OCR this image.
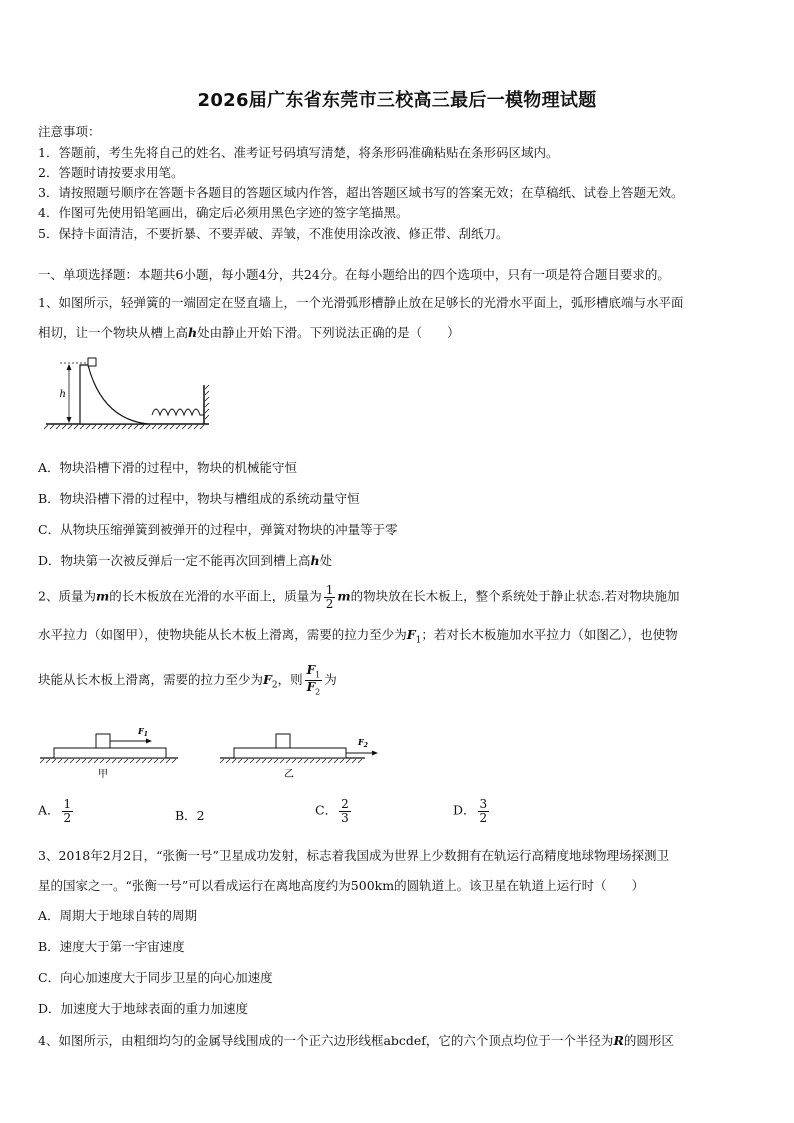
2026届广东省东莞市三校高三最后一模物理试题
注意事项：
1．答题前，考生先将自己的姓名、准考证号码填写清楚，将条形码准确粘贴在条形码区域内。
2．答题时请按要求用笔。
3．请按照题号顺序在答题卡各题目的答题区域内作答，超出答题区域书写的答案无效；在草稿纸、试卷上答题无效。
4．作图可先使用铅笔画出，确定后必须用黑色字迹的签字笔描黑。
5．保持卡面清洁，不要折暴、不要弄破、弄皱，不准使用涂改液、修正带、刮纸刀。
一、单项选择题：本题共6小题，每小题4分，共24分。在每小题给出的四个选项中，只有一项是符合题目要求的。
1、如图所示，轻弹簧的一端固定在竖直墙上，一个光滑弧形槽静止放在足够长的光滑水平面上，弧形槽底端与水平面
相切，让一个物块从槽上高h处由静止开始下滑。下列说法正确的是（　　）
h
A．物块沿槽下滑的过程中，物块的机械能守恒
B．物块沿槽下滑的过程中，物块与槽组成的系统动量守恒
C．从物块压缩弹簧到被弹开的过程中，弹簧对物块的冲量等于零
D．物块第一次被反弹后一定不能再次回到槽上高h处
2、质量为m的长木板放在光滑的水平面上，质量为 $\frac{1}{2}$ m的物块放在长木板上，整个系统处于静止状态.若对物块施加
水平拉力（如图甲），使物块能从长木板上滑离，需要的拉力至少为$F_1$；若对长木板施加水平拉力（如图乙），也使物
块能从长木板上滑离，需要的拉力至少为$F_2$，则 $\frac{F_1}{F_2}$ 为
$F_1$
甲
$F_2$
乙
A． $\frac{1}{2}$	B．2	C． $\frac{2}{3}$	D． $\frac{3}{2}$
3、2018年2月2日，“张衡一号”卫星成功发射，标志着我国成为世界上少数拥有在轨运行高精度地球物理场探测卫
星的国家之一。“张衡一号”可以看成运行在离地高度约为500km的圆轨道上。该卫星在轨道上运行时（　　）
A．周期大于地球自转的周期
B．速度大于第一宇宙速度
C．向心加速度大于同步卫星的向心加速度
D．加速度大于地球表面的重力加速度
4、如图所示，由粗细均匀的金属导线围成的一个正六边形线框abcdef，它的六个顶点均位于一个半径为R的圆形区
